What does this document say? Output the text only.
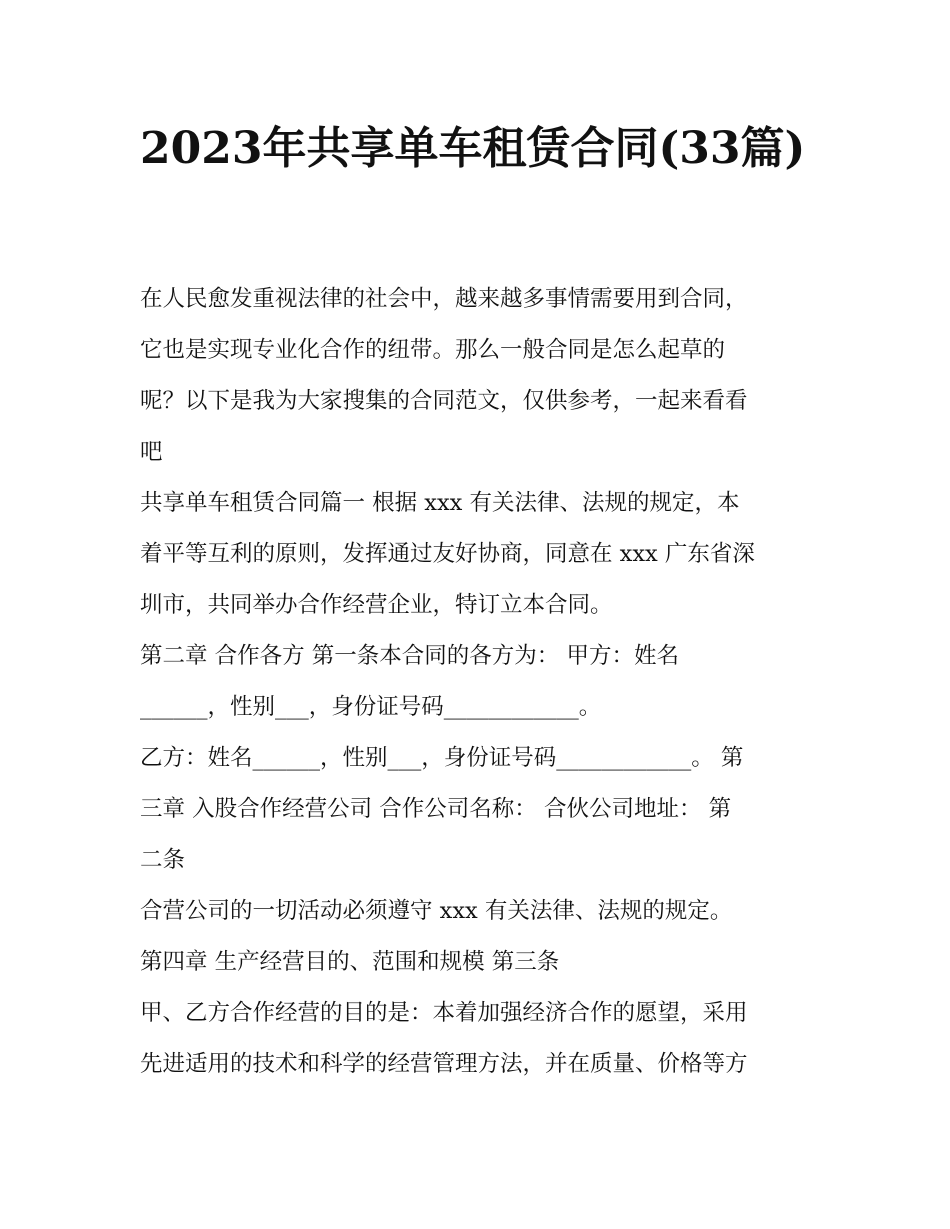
2023年共享单车租赁合同(33篇)
在人民愈发重视法律的社会中，越来越多事情需要用到合同，
它也是实现专业化合作的纽带。那么一般合同是怎么起草的
呢？以下是我为大家搜集的合同范文，仅供参考，一起来看看
吧
共享单车租赁合同篇一 根据 xxx 有关法律、法规的规定，本
着平等互利的原则，发挥通过友好协商，同意在 xxx 广东省深
圳市，共同举办合作经营企业，特订立本合同。
第二章 合作各方 第一条本合同的各方为： 甲方：姓名
______，性别___，身份证号码____________。
乙方：姓名______，性别___，身份证号码____________。 第
三章 入股合作经营公司 合作公司名称： 合伙公司地址： 第
二条
合营公司的一切活动必须遵守 xxx 有关法律、法规的规定。
第四章 生产经营目的、范围和规模 第三条
甲、乙方合作经营的目的是：本着加强经济合作的愿望，采用
先进适用的技术和科学的经营管理方法，并在质量、价格等方
